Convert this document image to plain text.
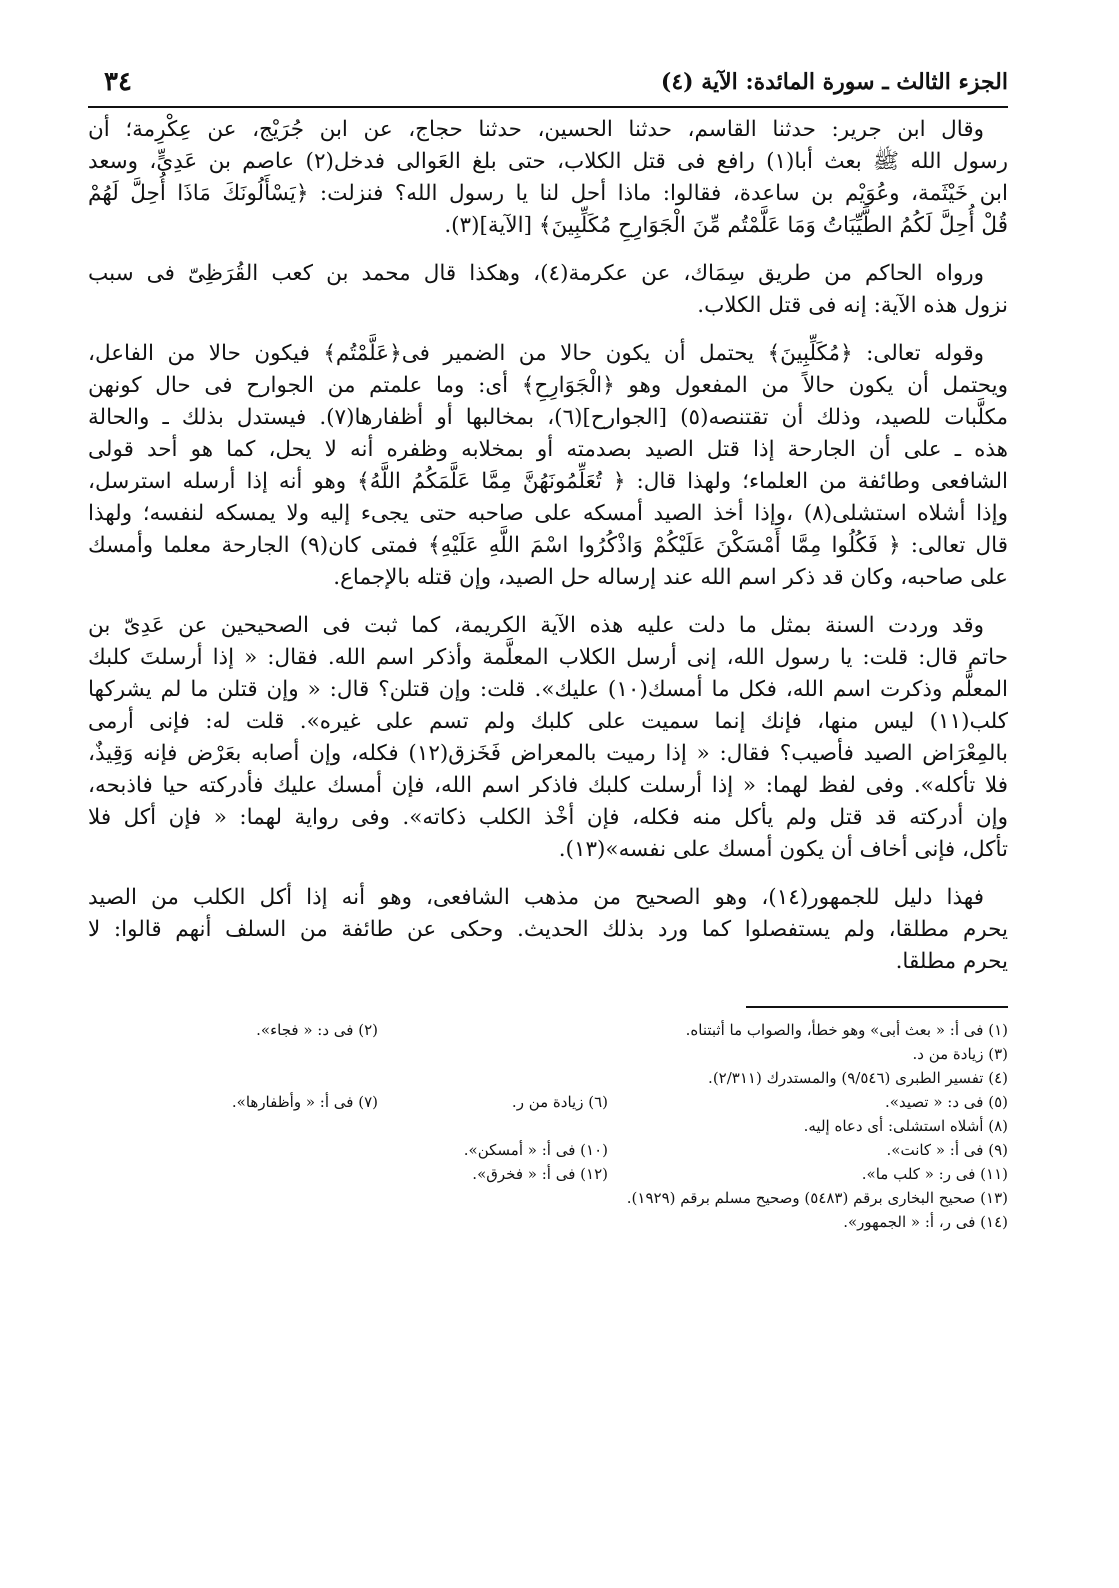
الجزء الثالث ـ سورة المائدة: الآية (٤)
٣٤

وقال ابن جرير: حدثنا القاسم، حدثنا الحسين، حدثنا حجاج، عن ابن جُرَيْج، عن عِكْرِمة؛ أن
رسول الله ﷺ بعث أبا(١) رافع فى قتل الكلاب، حتى بلغ العَوالى فدخل(٢) عاصم بن عَدِىٍّ، وسعد
ابن خَيْثَمة، وعُوَيْم بن ساعدة، فقالوا: ماذا أحل لنا يا رسول الله؟ فنزلت: ﴿يَسْأَلُونَكَ مَاذَا أُحِلَّ لَهُمْ
قُلْ أُحِلَّ لَكُمُ الطَّيِّبَاتُ وَمَا عَلَّمْتُم مِّنَ الْجَوَارِحِ مُكَلِّبِينَ﴾ [الآية](٣).

ورواه الحاكم من طريق سِمَاك، عن عكرمة(٤)، وهكذا قال محمد بن كعب القُرَظِىّ فى سبب
نزول هذه الآية: إنه فى قتل الكلاب.

وقوله تعالى: ﴿مُكَلِّبِينَ﴾ يحتمل أن يكون حالا من الضمير فى﴿عَلَّمْتُم﴾ فيكون حالا من الفاعل،
ويحتمل أن يكون حالاً من المفعول وهو ﴿الْجَوَارِحِ﴾ أى: وما علمتم من الجوارح فى حال كونهن
مكلَّبات للصيد، وذلك أن تقتنصه(٥) [الجوارح](٦)، بمخالبها أو أظفارها(٧). فيستدل بذلك ـ والحالة
هذه ـ على أن الجارحة إذا قتل الصيد بصدمته أو بمخلابه وظفره أنه لا يحل، كما هو أحد قولى
الشافعى وطائفة من العلماء؛ ولهذا قال: ﴿ تُعَلِّمُونَهُنَّ مِمَّا عَلَّمَكُمُ اللَّهُ﴾ وهو أنه إذا أرسله استرسل،
وإذا أشلاه استشلى(٨) ،وإذا أخذ الصيد أمسكه على صاحبه حتى يجىء إليه ولا يمسكه لنفسه؛ ولهذا
قال تعالى: ﴿ فَكُلُوا مِمَّا أَمْسَكْنَ عَلَيْكُمْ وَاذْكُرُوا اسْمَ اللَّهِ عَلَيْهِ﴾ فمتى كان(٩) الجارحة معلما وأمسك
على صاحبه، وكان قد ذكر اسم الله عند إرساله حل الصيد، وإن قتله بالإجماع.

وقد وردت السنة بمثل ما دلت عليه هذه الآية الكريمة، كما ثبت فى الصحيحين عن عَدِىّ بن
حاتم قال: قلت: يا رسول الله، إنى أرسل الكلاب المعلَّمة وأذكر اسم الله. فقال: « إذا أرسلتَ كلبك
المعلَّم وذكرت اسم الله، فكل ما أمسك(١٠) عليك». قلت: وإن قتلن؟ قال: « وإن قتلن ما لم يشركها
كلب(١١) ليس منها، فإنك إنما سميت على كلبك ولم تسم على غيره». قلت له: فإنى أرمى
بالمِعْرَاض الصيد فأصيب؟ فقال: « إذا رميت بالمعراض فَخَزق(١٢) فكله، وإن أصابه بعَرْض فإنه وَقِيذٌ،
فلا تأكله». وفى لفظ لهما: « إذا أرسلت كلبك فاذكر اسم الله، فإن أمسك عليك فأدركته حيا فاذبحه،
وإن أدركته قد قتل ولم يأكل منه فكله، فإن أخْذ الكلب ذكاته». وفى رواية لهما: « فإن أكل فلا
تأكل، فإنى أخاف أن يكون أمسك على نفسه»(١٣).

فهذا دليل للجمهور(١٤)، وهو الصحيح من مذهب الشافعى، وهو أنه إذا أكل الكلب من الصيد
يحرم مطلقا، ولم يستفصلوا كما ورد بذلك الحديث. وحكى عن طائفة من السلف أنهم قالوا: لا
يحرم مطلقا.

(١) فى أ: « بعث أبى» وهو خطأ، والصواب ما أثبتناه.
(٢) فى د: « فجاء».
(٣) زيادة من د.
(٤) تفسير الطبرى (٩/٥٤٦) والمستدرك (٢/٣١١).
(٥) فى د: « تصيد».
(٦) زيادة من ر.
(٧) فى أ: « وأظفارها».
(٨) أشلاه استشلى: أى دعاه إليه.
(٩) فى أ: « كانت».
(١٠) فى أ: « أمسكن».
(١١) فى ر: « كلب ما».
(١٢) فى أ: « فخرق».
(١٣) صحيح البخارى برقم (٥٤٨٣) وصحيح مسلم برقم (١٩٢٩).
(١٤) فى ر، أ: « الجمهور».
